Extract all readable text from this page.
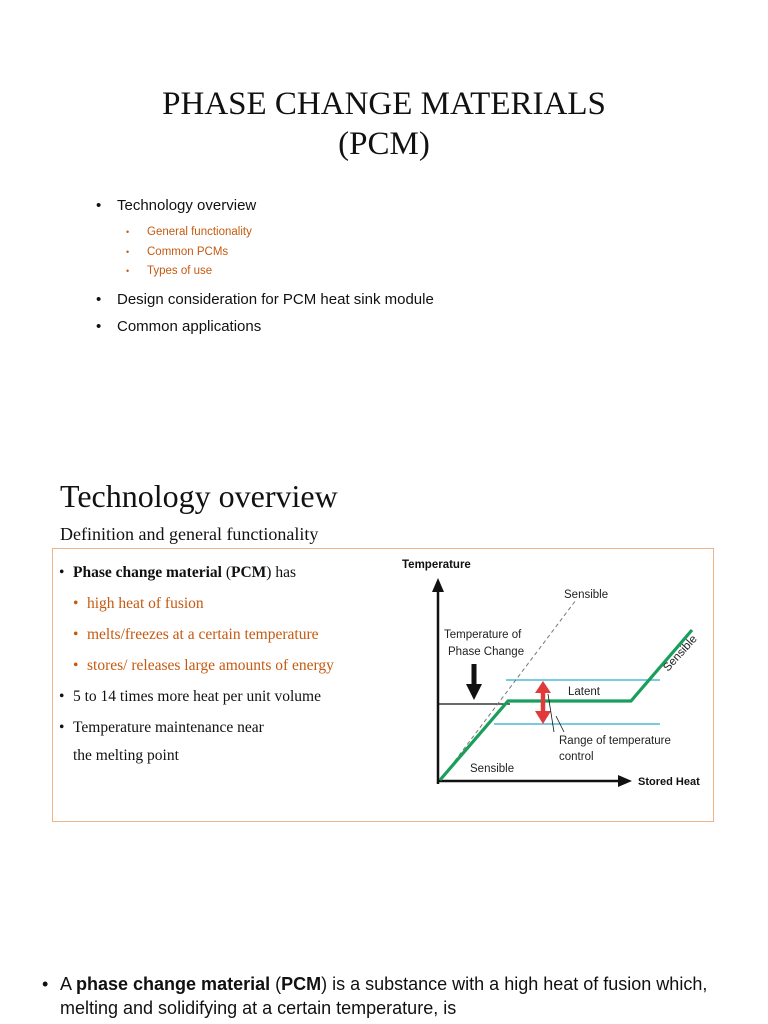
PHASE CHANGE MATERIALS
(PCM)
• Technology overview
• General functionality
• Common PCMs
• Types of use
• Design consideration for PCM heat sink module
• Common applications
Technology overview
Definition and general functionality
• Phase change material (PCM) has
• high heat of fusion
• melts/freezes at a certain temperature
• stores/ releases large amounts of energy
• 5 to 14 times more heat per unit volume
• Temperature maintenance near
the melting point
Temperature
Stored Heat
Sensible
Sensible
Temperature of
Phase Change
Latent
Range of temperature
control
Sensible
• A phase change material (PCM) is a substance with a high heat of fusion which, melting and solidifying at a certain temperature, is
